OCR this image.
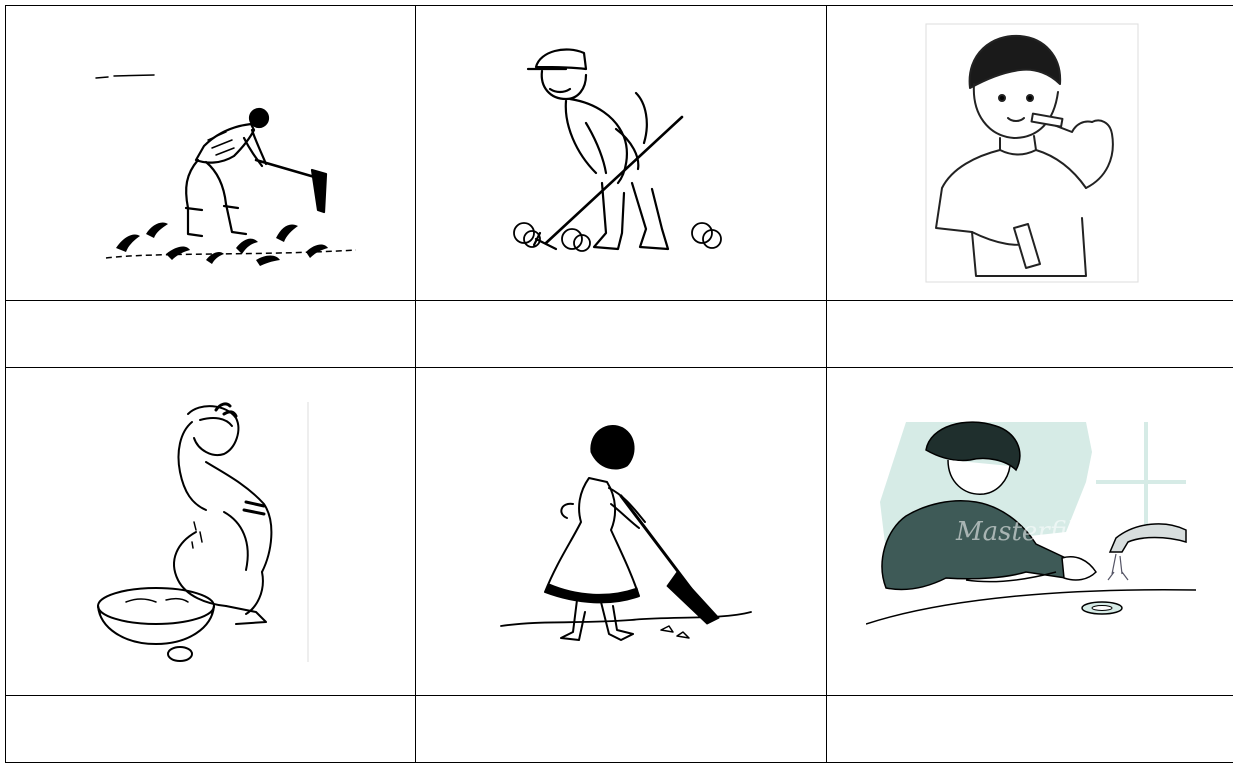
Masterfile
